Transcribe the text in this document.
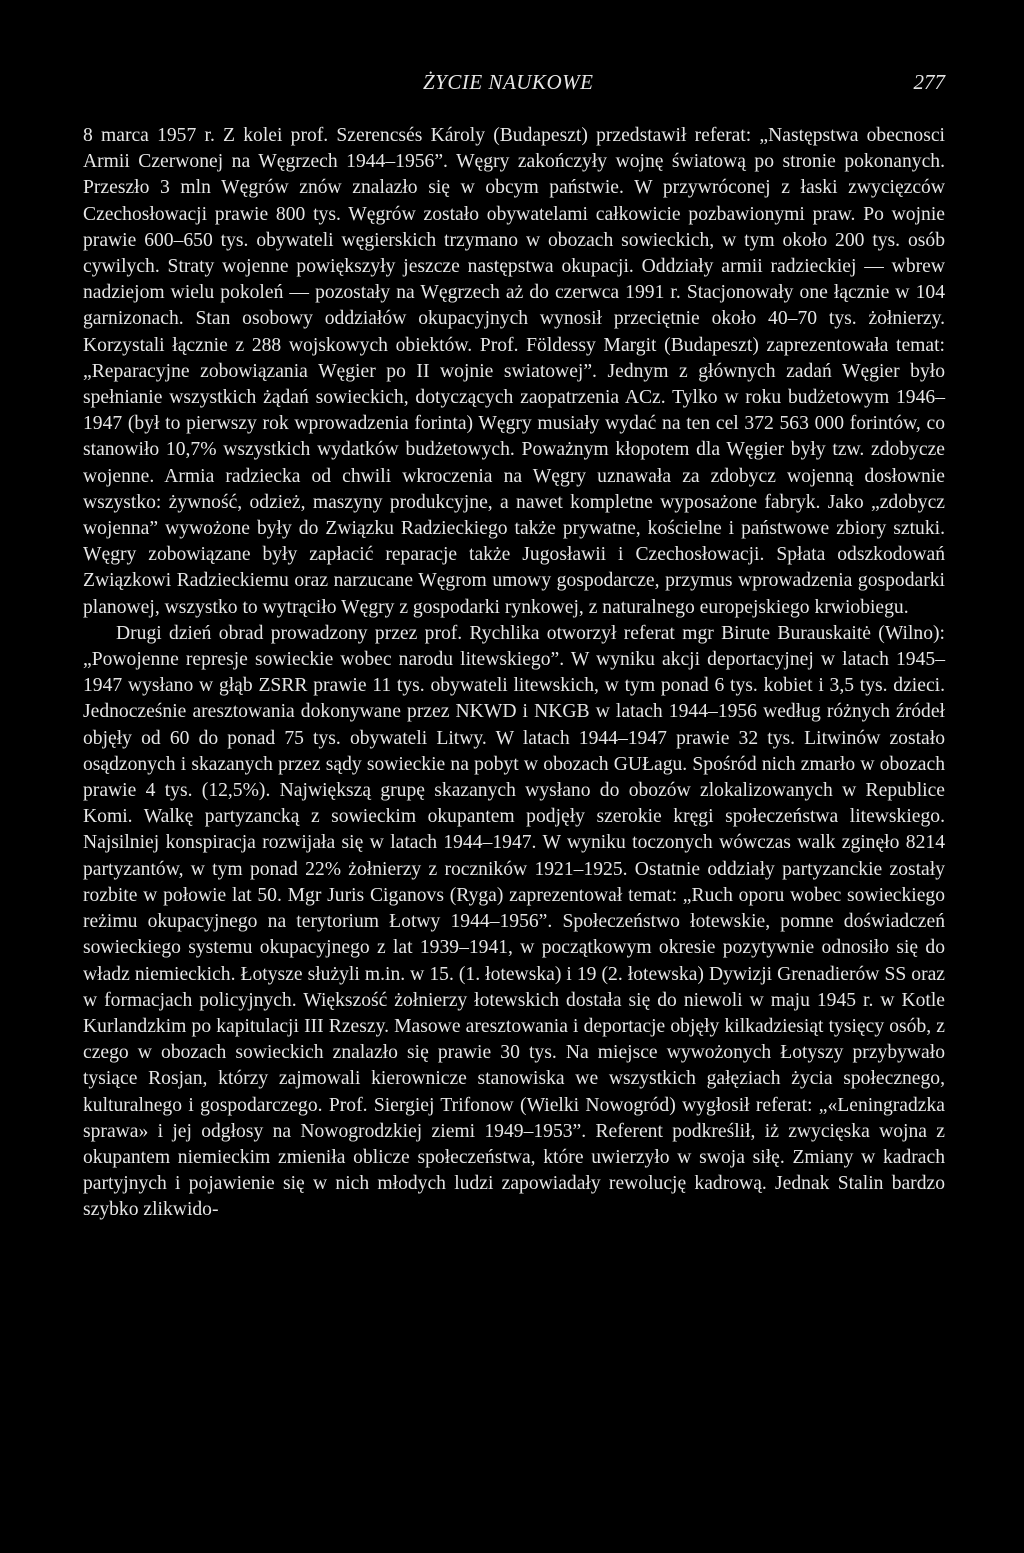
ŻYCIE NAUKOWE	277

8 marca 1957 r. Z kolei prof. Szerencsés Károly (Budapeszt) przedstawił referat: „Następstwa obecnosci Armii Czerwonej na Węgrzech 1944–1956”. Węgry zakończyły wojnę światową po stronie pokonanych. Przeszło 3 mln Węgrów znów znalazło się w obcym państwie. W przywróconej z łaski zwycięzców Czechosłowacji prawie 800 tys. Węgrów zostało obywatelami całkowicie pozbawionymi praw. Po wojnie prawie 600–650 tys. obywateli węgierskich trzymano w obozach sowieckich, w tym około 200 tys. osób cywilych. Straty wojenne powiększyły jeszcze następstwa okupacji. Oddziały armii radzieckiej — wbrew nadziejom wielu pokoleń — pozostały na Węgrzech aż do czerwca 1991 r. Stacjonowały one łącznie w 104 garnizonach. Stan osobowy oddziałów okupacyjnych wynosił przeciętnie około 40–70 tys. żołnierzy. Korzystali łącznie z 288 wojskowych obiektów. Prof. Földessy Margit (Budapeszt) zaprezentowała temat: „Reparacyjne zobowiązania Węgier po II wojnie swiatowej”. Jednym z głównych zadań Węgier było spełnianie wszystkich żądań sowieckich, dotyczących zaopatrzenia ACz. Tylko w roku budżetowym 1946–1947 (był to pierwszy rok wprowadzenia forinta) Węgry musiały wydać na ten cel 372 563 000 forintów, co stanowiło 10,7% wszystkich wydatków budżetowych. Poważnym kłopotem dla Węgier były tzw. zdobycze wojenne. Armia radziecka od chwili wkroczenia na Węgry uznawała za zdobycz wojenną dosłownie wszystko: żywność, odzież, maszyny produkcyjne, a nawet kompletne wyposażone fabryk. Jako „zdobycz wojenna” wywożone były do Związku Radzieckiego także prywatne, kościelne i państwowe zbiory sztuki. Węgry zobowiązane były zapłacić reparacje także Jugosławii i Czechosłowacji. Spłata odszkodowań Związkowi Radzieckiemu oraz narzucane Węgrom umowy gospodarcze, przymus wprowadzenia gospodarki planowej, wszystko to wytrąciło Węgry z gospodarki rynkowej, z naturalnego europejskiego krwiobiegu.

Drugi dzień obrad prowadzony przez prof. Rychlika otworzył referat mgr Birute Burauskaitė (Wilno): „Powojenne represje sowieckie wobec narodu litewskiego”. W wyniku akcji deportacyjnej w latach 1945–1947 wysłano w głąb ZSRR prawie 11 tys. obywateli litewskich, w tym ponad 6 tys. kobiet i 3,5 tys. dzieci. Jednocześnie aresztowania dokonywane przez NKWD i NKGB w latach 1944–1956 według różnych źródeł objęły od 60 do ponad 75 tys. obywateli Litwy. W latach 1944–1947 prawie 32 tys. Litwinów zostało osądzonych i skazanych przez sądy sowieckie na pobyt w obozach GUŁagu. Spośród nich zmarło w obozach prawie 4 tys. (12,5%). Największą grupę skazanych wysłano do obozów zlokalizowanych w Republice Komi. Walkę partyzancką z sowieckim okupantem podjęły szerokie kręgi społeczeństwa litewskiego. Najsilniej konspiracja rozwijała się w latach 1944–1947. W wyniku toczonych wówczas walk zginęło 8214 partyzantów, w tym ponad 22% żołnierzy z roczników 1921–1925. Ostatnie oddziały partyzanckie zostały rozbite w połowie lat 50. Mgr Juris Ciganovs (Ryga) zaprezentował temat: „Ruch oporu wobec sowieckiego reżimu okupacyjnego na terytorium Łotwy 1944–1956”. Społeczeństwo łotewskie, pomne doświadczeń sowieckiego systemu okupacyjnego z lat 1939–1941, w początkowym okresie pozytywnie odnosiło się do władz niemieckich. Łotysze służyli m.in. w 15. (1. łotewska) i 19 (2. łotewska) Dywizji Grenadierów SS oraz w formacjach policyjnych. Większość żołnierzy łotewskich dostała się do niewoli w maju 1945 r. w Kotle Kurlandzkim po kapitulacji III Rzeszy. Masowe aresztowania i deportacje objęły kilkadziesiąt tysięcy osób, z czego w obozach sowieckich znalazło się prawie 30 tys. Na miejsce wywożonych Łotyszy przybywało tysiące Rosjan, którzy zajmowali kierownicze stanowiska we wszystkich gałęziach życia społecznego, kulturalnego i gospodarczego. Prof. Siergiej Trifonow (Wielki Nowogród) wygłosił referat: „«Leningradzka sprawa» i jej odgłosy na Nowogrodzkiej ziemi 1949–1953”. Referent podkreślił, iż zwycięska wojna z okupantem niemieckim zmieniła oblicze społeczeństwa, które uwierzyło w swoja siłę. Zmiany w kadrach partyjnych i pojawienie się w nich młodych ludzi zapowiadały rewolucję kadrową. Jednak Stalin bardzo szybko zlikwido-
